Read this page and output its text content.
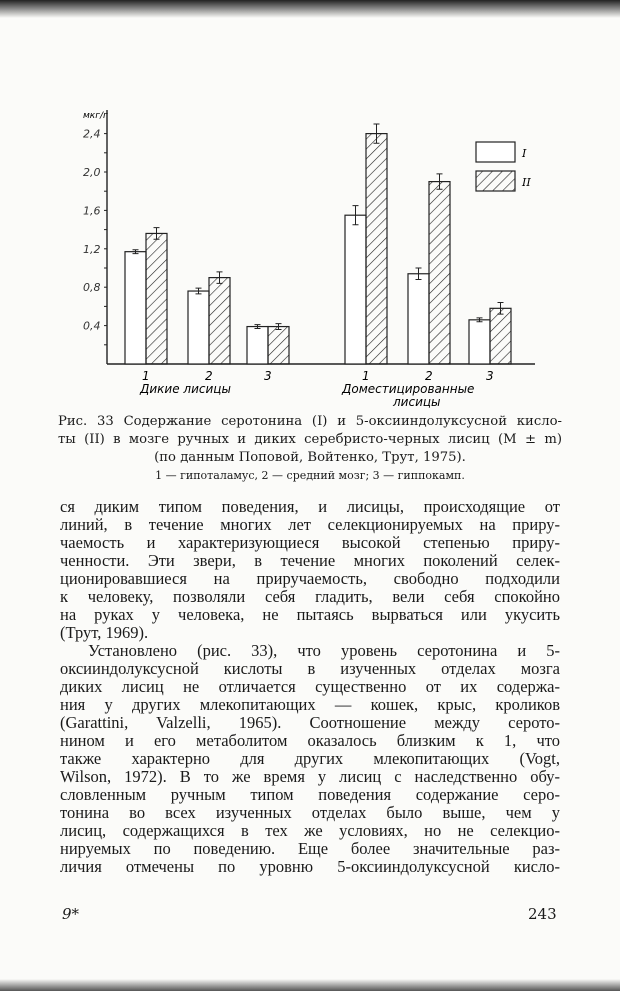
мкг/г
0,4
0,8
1,2
1,6
2,0
2,4
1	2	3	1	2	3
Дикие лисицы	Доместицированные
лисицы
I
II
Рис. 33 Содержание серотонина (I) и 5-оксииндолуксусной кисло-
ты (II) в мозге ручных и диких серебристо-черных лисиц (M ± m)
(по данным Поповой, Войтенко, Трут, 1975).
1 — гипоталамус, 2 — средний мозг; 3 — гиппокамп.
ся диким типом поведения, и лисицы, происходящие от
линий, в течение многих лет селекционируемых на приру-
чаемость и характеризующиеся высокой степенью приру-
ченности. Эти звери, в течение многих поколений селек-
ционировавшиеся на приручаемость, свободно подходили
к человеку, позволяли себя гладить, вели себя спокойно
на руках у человека, не пытаясь вырваться или укусить
(Трут, 1969).
Установлено (рис. 33), что уровень серотонина и 5-
оксииндолуксусной кислоты в изученных отделах мозга
диких лисиц не отличается существенно от их содержа-
ния у других млекопитающих — кошек, крыс, кроликов
(Garattini, Valzelli, 1965). Соотношение между серото-
нином и его метаболитом оказалось близким к 1, что
также характерно для других млекопитающих (Vogt,
Wilson, 1972). В то же время у лисиц с наследственно обу-
словленным ручным типом поведения содержание серо-
тонина во всех изученных отделах было выше, чем у
лисиц, содержащихся в тех же условиях, но не селекцио-
нируемых по поведению. Еще более значительные раз-
личия отмечены по уровню 5-оксииндолуксусной кисло-
9*	243
